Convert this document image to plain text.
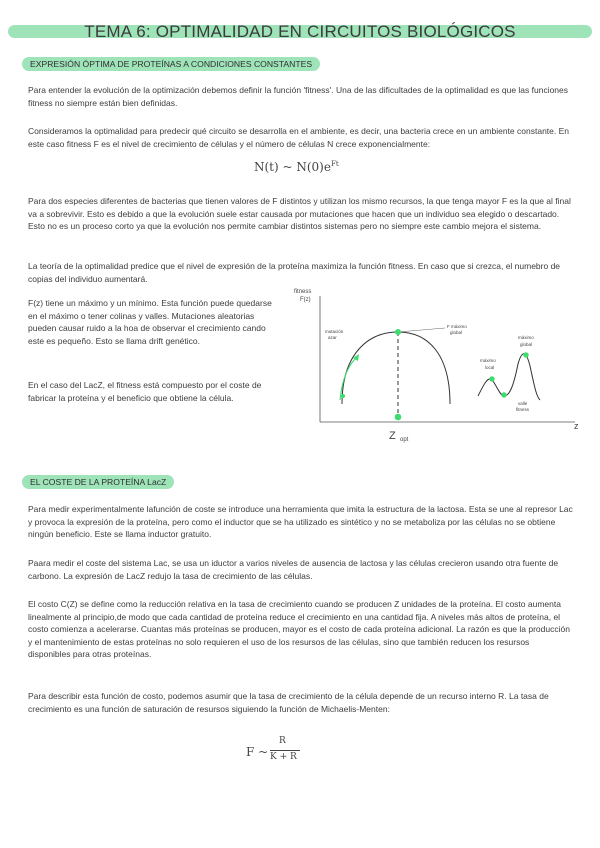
TEMA 6: OPTIMALIDAD EN CIRCUITOS BIOLÓGICOS
EXPRESIÓN ÓPTIMA DE PROTEÍNAS A CONDICIONES CONSTANTES
Para entender la evolución de la optimización debemos definir la función 'fitness'. Una de las dificultades de la optimalidad es que las funciones fitness no siempre están bien definidas.
Consideramos la optimalidad para predecir qué circuito se desarrolla en el ambiente, es decir, una bacteria crece en un ambiente constante. En este caso fitness F es el nivel de crecimiento de células y el número de células N crece exponencialmente:
N(t) ~ $N(0)e^{Ft}$
Para dos especies diferentes de bacterias que tienen valores de F distintos y utilizan los mismo recursos, la que tenga mayor F es la que al final va a sobrevivir. Esto es debido a que la evolución suele estar causada por mutaciones que hacen que un individuo sea elegido o descartado. Esto no es un proceso corto ya que la evolución nos permite cambiar distintos sistemas pero no siempre este cambio mejora el sistema.
La teoría de la optimalidad predice que el nivel de expresión de la proteína maximiza la función fitness. En caso que si crezca, el numebro de copias del individuo aumentará.
F(z) tiene un máximo y un mínimo. Esta función puede quedarse en el máximo o tener colinas y valles. Mutaciones aleatorias pueden causar ruido a la hoa de observar el crecimiento cando este es pequeño. Esto se llama drift genético.
En el caso del LacZ, el fitness está compuesto por el coste de fabricar la proteína y el beneficio que obtiene la célula.
fitness
F(z)
z
mutación
azar
F máximo
global
máximo
local
máximo
global
valle
fitness
Z opt
EL COSTE DE LA PROTEÍNA LacZ
Para medir experimentalmente lafunción de coste se introduce una herramienta que imita la estructura de la lactosa. Esta se une al represor Lac y provoca la expresión de la proteína, pero como el inductor que se ha utilizado es sintético y no se metaboliza por las células no se obtiene ningún beneficio. Este se llama inductor gratuito.
Paara medir el coste del sistema Lac, se usa un iductor a varios niveles de ausencia de lactosa y las células crecieron usando otra fuente de carbono. La expresión de LacZ redujo la tasa de crecimiento de las células.
El costo C(Z) se define como la reducción relativa en la tasa de crecimiento cuando se producen Z unidades de la proteína. El costo aumenta linealmente al principio,de modo que cada cantidad de proteína reduce el crecimiento en una cantidad fija. A niveles más altos de proteína, el costo comienza a acelerarse. Cuantas más proteínas se producen, mayor es el costo de cada proteína adicional. La razón es que la producción y el mantenimiento de estas proteínas no solo requieren el uso de los resursos de las células, sino que también reducen los resursos disponibles para otras proteínas.
Para describir esta función de costo, podemos asumir que la tasa de crecimiento de la célula depende de un recurso interno R. La tasa de crecimiento es una función de saturación de resursos siguiendo la función de Michaelis-Menten:
F ~
R
K + R
